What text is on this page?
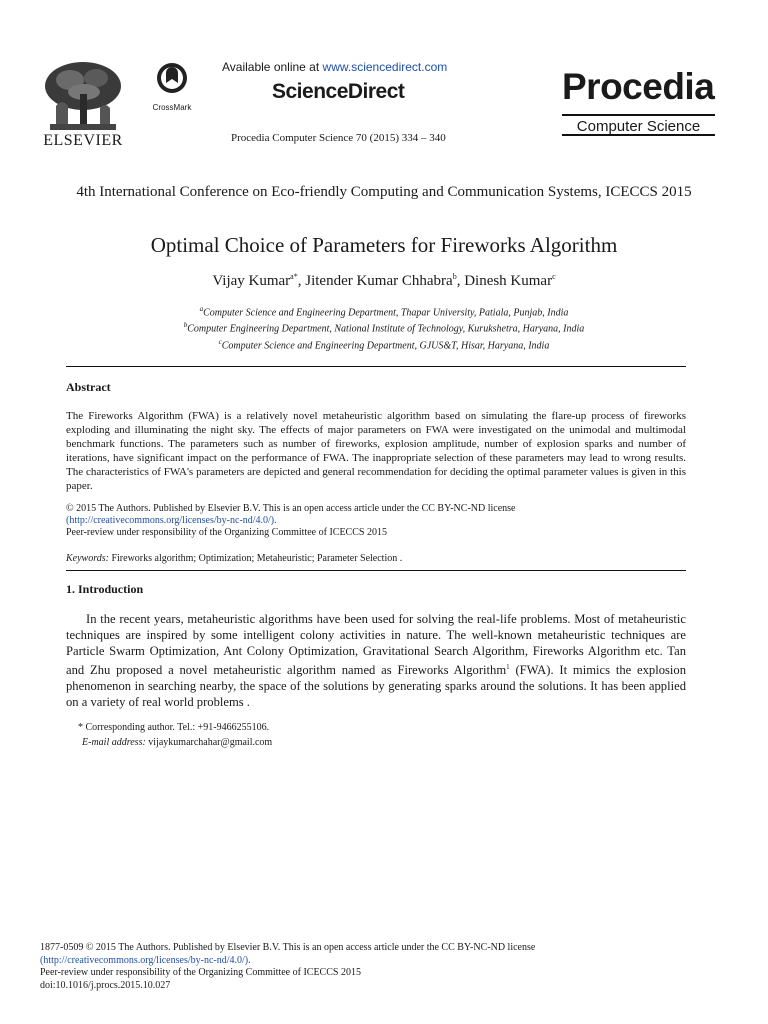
ELSEVIER
CrossMark
Available online at www.sciencedirect.com
ScienceDirect
Procedia Computer Science 70 (2015) 334 – 340
Procedia
Computer Science
4th International Conference on Eco-friendly Computing and Communication Systems, ICECCS 2015
Optimal Choice of Parameters for Fireworks Algorithm
Vijay Kumar$^{a*}$, Jitender Kumar Chhabra$^b$, Dinesh Kumar$^c$
$^a$Computer Science and Engineering Department, Thapar University, Patiala, Punjab, India
$^b$Computer Engineering Department, National Institute of Technology, Kurukshetra, Haryana, India
$^c$Computer Science and Engineering Department, GJUS&T, Hisar, Haryana, India
Abstract
The Fireworks Algorithm (FWA) is a relatively novel metaheuristic algorithm based on simulating the flare-up process of fireworks exploding and illuminating the night sky. The effects of major parameters on FWA were investigated on the unimodal and multimodal benchmark functions. The parameters such as number of fireworks, explosion amplitude, number of explosion sparks and number of iterations, have significant impact on the performance of FWA. The inappropriate selection of these parameters may lead to wrong results. The characteristics of FWA's parameters are depicted and general recommendation for deciding the optimal parameter values is given in this paper.
© 2015 The Authors. Published by Elsevier B.V. This is an open access article under the CC BY-NC-ND license
(http://creativecommons.org/licenses/by-nc-nd/4.0/).
Peer-review under responsibility of the Organizing Committee of ICECCS 2015
Keywords: Fireworks algorithm; Optimization; Metaheuristic; Parameter Selection .
1. Introduction
In the recent years, metaheuristic algorithms have been used for solving the real-life problems. Most of metaheuristic techniques are inspired by some intelligent colony activities in nature. The well-known metaheuristic techniques are Particle Swarm Optimization, Ant Colony Optimization, Gravitational Search Algorithm, Fireworks Algorithm etc. Tan and Zhu proposed a novel metaheuristic algorithm named as Fireworks Algorithm$^1$ (FWA). It mimics the explosion phenomenon in searching nearby, the space of the solutions by generating sparks around the solutions. It has been applied on a variety of real world problems .
* Corresponding author. Tel.: +91-9466255106.
E-mail address: vijaykumarchahar@gmail.com
1877-0509 © 2015 The Authors. Published by Elsevier B.V. This is an open access article under the CC BY-NC-ND license
(http://creativecommons.org/licenses/by-nc-nd/4.0/).
Peer-review under responsibility of the Organizing Committee of ICECCS 2015
doi:10.1016/j.procs.2015.10.027
